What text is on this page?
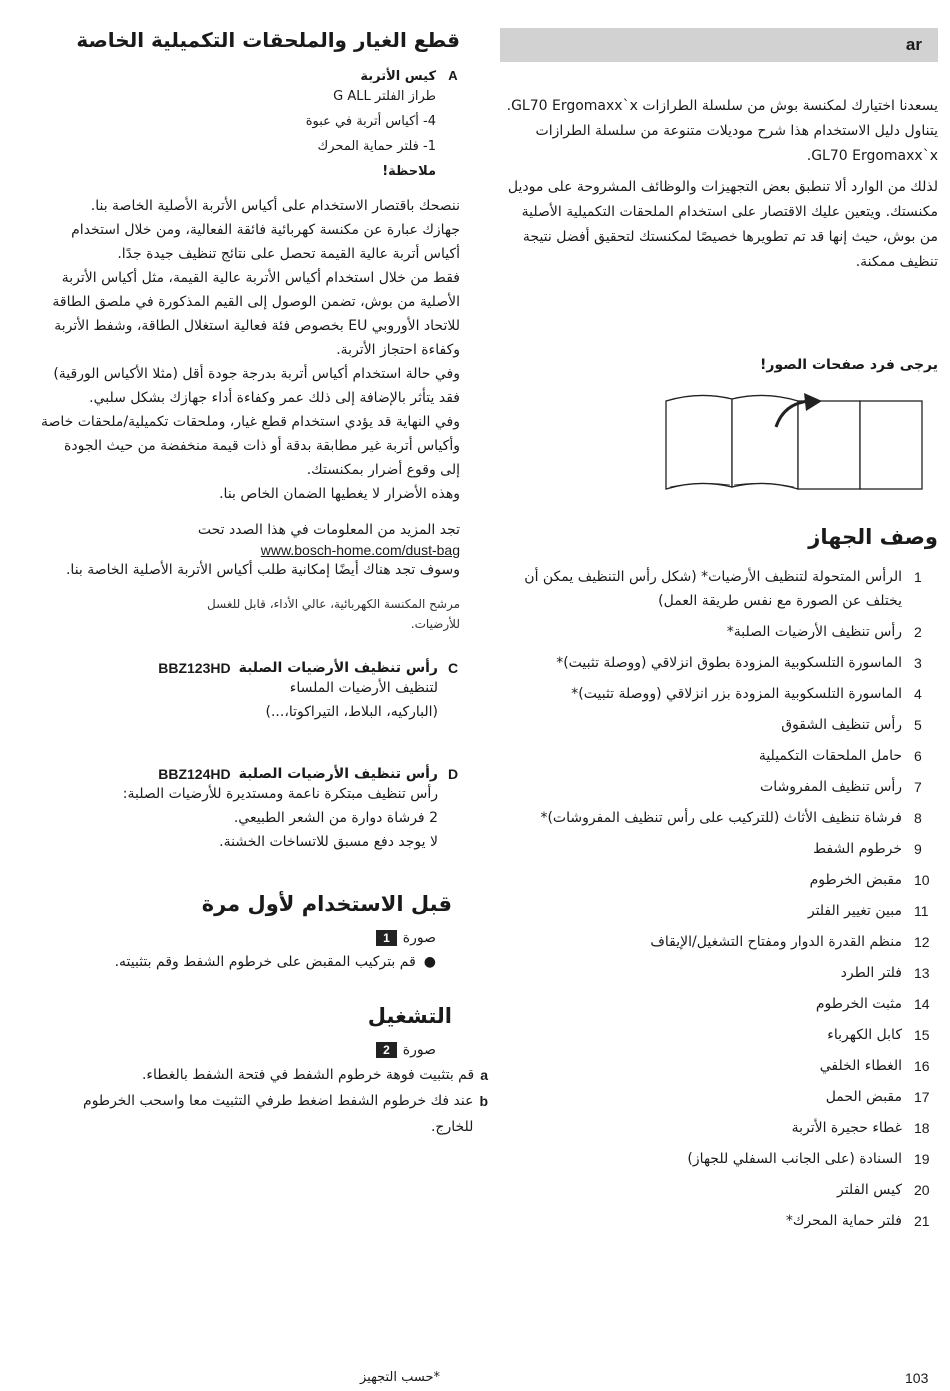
قطع الغيار والملحقات التكميلية الخاصة
A
كيس الأتربة
طراز الفلتر G ALL
4- أكياس أتربة في عبوة
1- فلتر حماية المحرك
ملاحظة!

ننصحك باقتصار الاستخدام على أكياس الأتربة الأصلية الخاصة بنا.

جهازك عبارة عن مكنسة كهربائية فائقة الفعالية، ومن خلال استخدام أكياس أتربة عالية القيمة تحصل على نتائج تنظيف جيدة جدًا.

فقط من خلال استخدام أكياس الأتربة عالية القيمة، مثل أكياس الأتربة الأصلية من بوش، تضمن الوصول إلى القيم المذكورة في ملصق الطاقة للاتحاد الأوروبي EU بخصوص فئة فعالية استغلال الطاقة، وشفط الأتربة وكفاءة احتجاز الأتربة.

وفي حالة استخدام أكياس أتربة بدرجة جودة أقل (مثلا الأكياس الورقية) فقد يتأثر بالإضافة إلى ذلك عمر وكفاءة أداء جهازك بشكل سلبي.

وفي النهاية قد يؤدي استخدام قطع غيار، وملحقات تكميلية/ملحقات خاصة وأكياس أتربة غير مطابقة بدقة أو ذات قيمة منخفضة من حيث الجودة إلى وقوع أضرار بمكنستك.

وهذه الأضرار لا يغطيها الضمان الخاص بنا.

تجد المزيد من المعلومات في هذا الصدد تحت
www.bosch-home.com/dust-bag
وسوف تجد هناك أيضًا إمكانية طلب أكياس الأتربة الأصلية الخاصة بنا.
مرشح المكنسة الكهربائية، عالي الأداء، قابل للغسل
للأرضيات.
C
رأس تنظيف الأرضيات الصلبة
BBZ123HD
لتنظيف الأرضيات الملساء
(الباركيه، البلاط، التيراكوتا،...)
D
رأس تنظيف الأرضيات الصلبة
BBZ124HD
رأس تنظيف مبتكرة ناعمة ومستديرة للأرضيات الصلبة:
2 فرشاة دوارة من الشعر الطبيعي.
لا يوجد دفع مسبق للاتساخات الخشنة.
قبل الاستخدام لأول مرة
صورة
1
●
قم بتركيب المقبض على خرطوم الشفط وقم بتثبيته.
التشغيل
صورة
2
a
قم بتثبيت فوهة خرطوم الشفط في فتحة الشفط بالغطاء.
b
عند فك خرطوم الشفط اضغط طرفي التثبيت معا واسحب الخرطوم للخارج.
ar

يسعدنا اختيارك لمكنسة بوش من سلسلة الطرازات GL70 Ergomaxx`x. يتناول دليل الاستخدام هذا شرح موديلات متنوعة من سلسلة الطرازات GL70 Ergomaxx`x.

لذلك من الوارد ألا تنطبق بعض التجهيزات والوظائف المشروحة على موديل مكنستك. ويتعين عليك الاقتصار على استخدام الملحقات التكميلية الأصلية من بوش، حيث إنها قد تم تطويرها خصيصًا لمكنستك لتحقيق أفضل نتيجة تنظيف ممكنة.

يرجى فرد صفحات الصور!
وصف الجهاز
1
الرأس المتحولة لتنظيف الأرضيات* (شكل رأس التنظيف يمكن أن يختلف عن الصورة مع نفس طريقة العمل)
2
رأس تنظيف الأرضيات الصلبة*
3
الماسورة التلسكوبية المزودة بطوق انزلاقي (ووصلة تثبيت)*
4
الماسورة التلسكوبية المزودة بزر انزلاقي (ووصلة تثبيت)*
5
رأس تنظيف الشقوق
6
حامل الملحقات التكميلية
7
رأس تنظيف المفروشات
8
فرشاة تنظيف الأثاث (للتركيب على رأس تنظيف المفروشات)*
9
خرطوم الشفط
10
مقبض الخرطوم
11
مبين تغيير الفلتر
12
منظم القدرة الدوار ومفتاح التشغيل/الإيقاف
13
فلتر الطرد
14
مثبت الخرطوم
15
كابل الكهرباء
16
الغطاء الخلفي
17
مقبض الحمل
18
غطاء حجيرة الأتربة
19
السنادة (على الجانب السفلي للجهاز)
20
كيس الفلتر
21
فلتر حماية المحرك*
*حسب التجهيز	103
